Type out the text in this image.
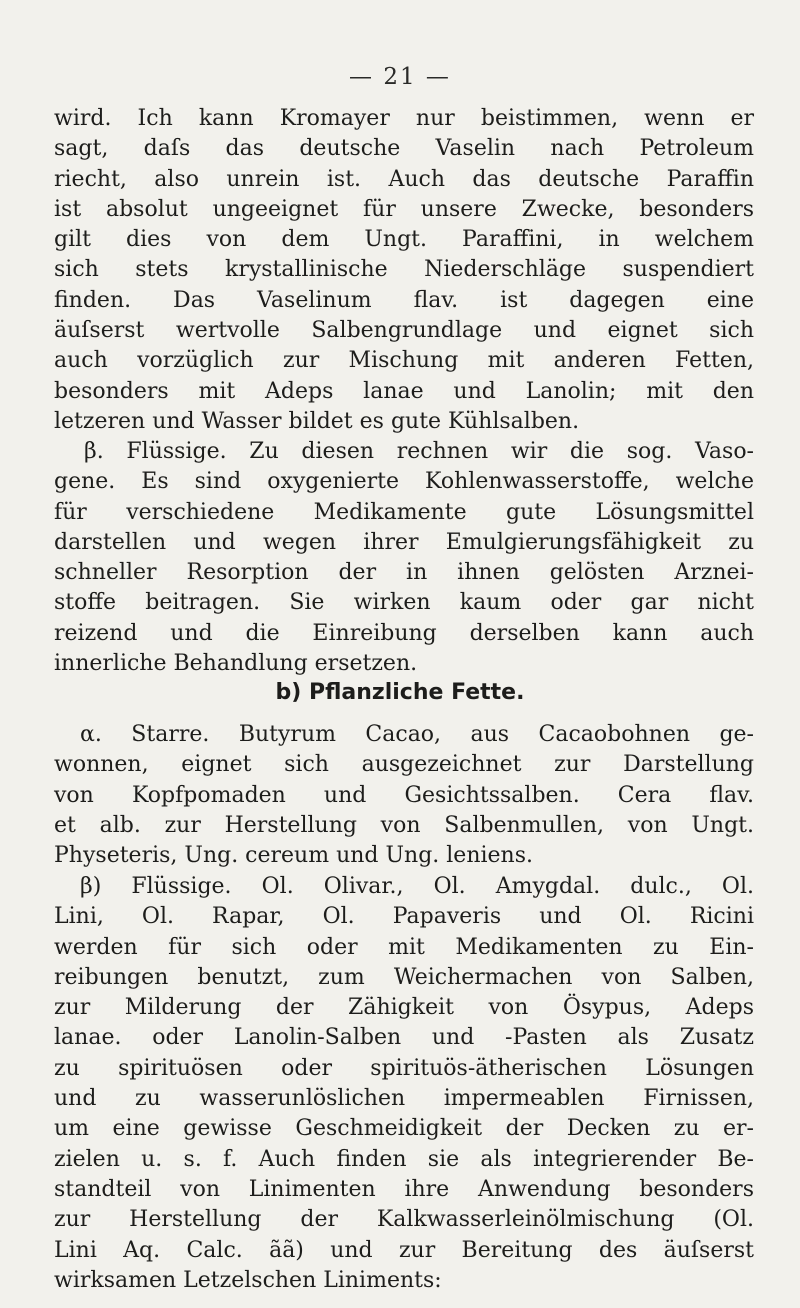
— 21 —
wird. Ich kann Kromayer nur beistimmen, wenn er
sagt, daſs das deutsche Vaselin nach Petroleum
riecht, also unrein ist. Auch das deutsche Paraffin
ist absolut ungeeignet für unsere Zwecke, besonders
gilt dies von dem Ungt. Paraffini, in welchem
sich stets krystallinische Niederschläge suspendiert
finden. Das Vaselinum flav. ist dagegen eine
äuſserst wertvolle Salbengrundlage und eignet sich
auch vorzüglich zur Mischung mit anderen Fetten,
besonders mit Adeps lanae und Lanolin; mit den
letzeren und Wasser bildet es gute Kühlsalben.
β. Flüssige. Zu diesen rechnen wir die sog. Vaso-
gene. Es sind oxygenierte Kohlenwasserstoffe, welche
für verschiedene Medikamente gute Lösungsmittel
darstellen und wegen ihrer Emulgierungsfähigkeit zu
schneller Resorption der in ihnen gelösten Arznei-
stoffe beitragen. Sie wirken kaum oder gar nicht
reizend und die Einreibung derselben kann auch
innerliche Behandlung ersetzen.
b) Pflanzliche Fette.
α. Starre. Butyrum Cacao, aus Cacaobohnen ge-
wonnen, eignet sich ausgezeichnet zur Darstellung
von Kopfpomaden und Gesichtssalben. Cera flav.
et alb. zur Herstellung von Salbenmullen, von Ungt.
Physeteris, Ung. cereum und Ung. leniens.
β) Flüssige. Ol. Olivar., Ol. Amygdal. dulc., Ol.
Lini, Ol. Rapar, Ol. Papaveris und Ol. Ricini
werden für sich oder mit Medikamenten zu Ein-
reibungen benutzt, zum Weichermachen von Salben,
zur Milderung der Zähigkeit von Ösypus, Adeps
lanae. oder Lanolin-Salben und -Pasten als Zusatz
zu spirituösen oder spirituös-ätherischen Lösungen
und zu wasserunlöslichen impermeablen Firnissen,
um eine gewisse Geschmeidigkeit der Decken zu er-
zielen u. s. f. Auch finden sie als integrierender Be-
standteil von Linimenten ihre Anwendung besonders
zur Herstellung der Kalkwasserleinölmischung (Ol.
Lini Aq. Calc. ãã) und zur Bereitung des äuſserst
wirksamen Letzelschen Liniments:
